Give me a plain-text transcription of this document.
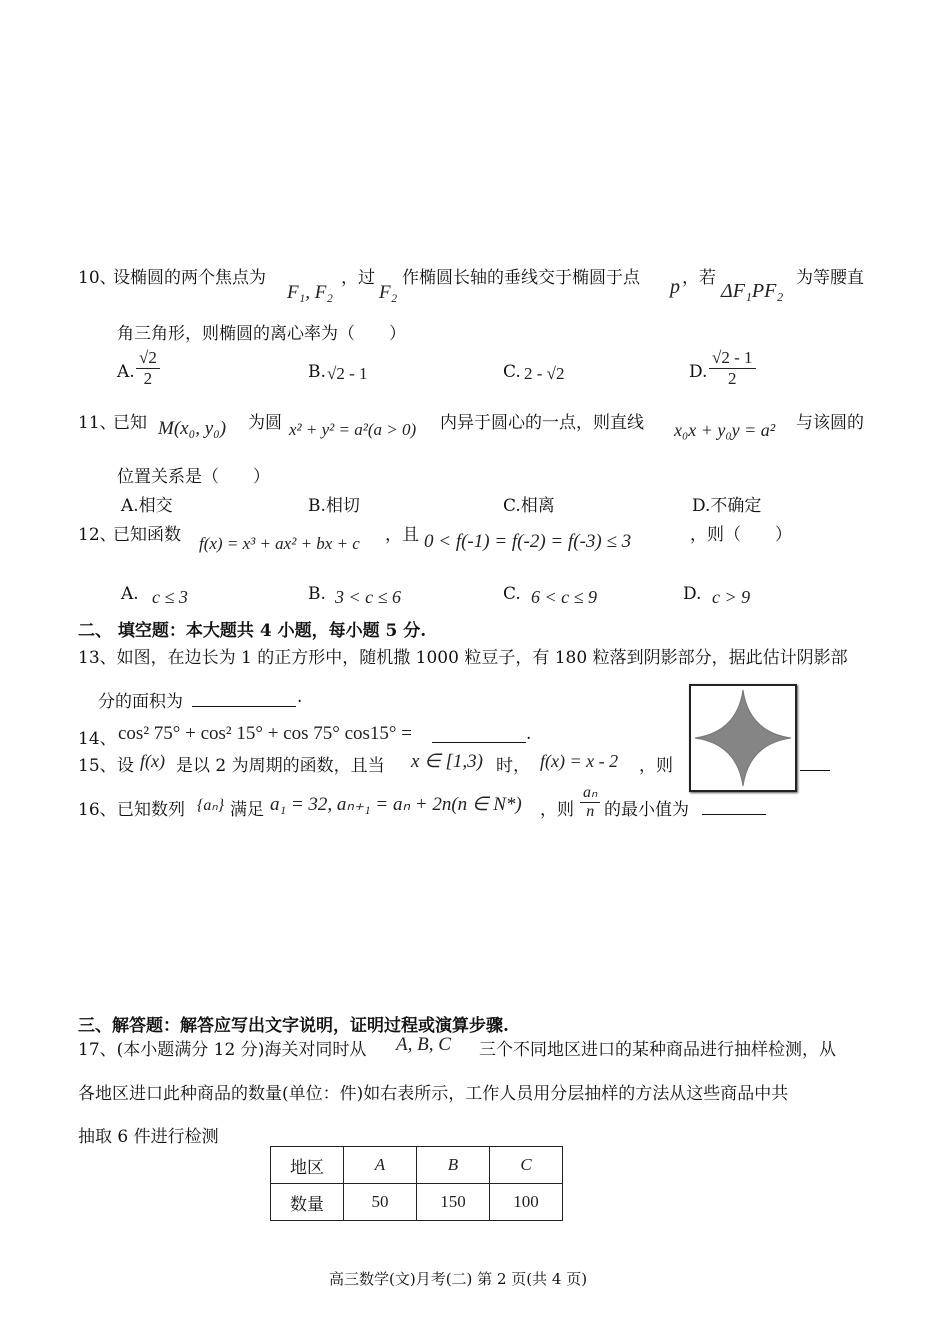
10、
设椭圆的两个焦点为
F₁, F₂
，过
F₂
作椭圆长轴的垂线交于椭圆于点 p ，若
ΔF₁PF₂
为等腰直
角三角形，则椭圆的离心率为（　　）
A. $\frac{√2}{2}$	B. √2 - 1	C. 2 - √2	D. $\frac{√2 - 1}{2}$
11、
已知 M(x₀, y₀) 为圆 x² + y² = a²(a > 0) 内异于圆心的一点，则直线 x₀x + y₀y = a² 与该圆的
位置关系是（　　）
A.相交	B.相切	C.相离	D.不确定
12、
已知函数 f(x) = x³ + ax² + bx + c ，且 0 < f(-1) = f(-2) = f(-3) ≤ 3	，则（　　）
A. c ≤ 3	B. 3 < c ≤ 6	C. 6 < c ≤ 9	D. c > 9
二、 填空题：本大题共 4 小题，每小题 5 分.
13、如图，在边长为 1 的正方形中，随机撒 1000 粒豆子，有 180 粒落到阴影部分，据此估计阴影部
分的面积为	.
14、 cos² 75° + cos² 15° + cos 75° cos15° =	.
15、 设 f(x) 是以 2 为周期的函数，且当 x ∈ [1,3) 时， f(x) = x - 2 ，则
16、 已知数列 {aₙ} 满足 a₁ = 32, aₙ₊₁ = aₙ + 2n(n ∈ N*) ，则 $\frac{\text{aₙ}}{n}$ 的最小值为
三、解答题：解答应写出文字说明，证明过程或演算步骤.
17、(本小题满分 12 分)海关对同时从 A, B, C 三个不同地区进口的某种商品进行抽样检测，从
各地区进口此种商品的数量(单位：件)如右表所示，工作人员用分层抽样的方法从这些商品中共
抽取 6 件进行检测
地区	A	B	C
数量	50	150	100
高三数学(文)月考(二) 第 2 页(共 4 页)
